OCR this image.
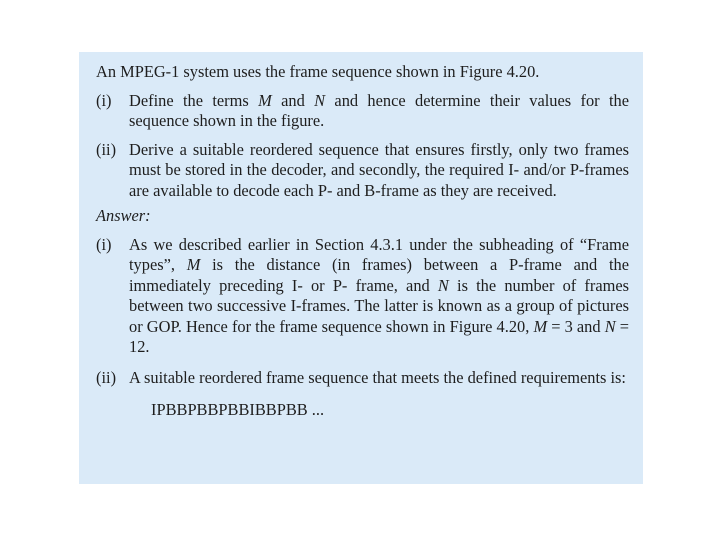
An MPEG-1 system uses the frame sequence shown in Figure 4.20.

(i) Define the terms M and N and hence determine their values for the sequence shown in the figure.
(ii) Derive a suitable reordered sequence that ensures firstly, only two frames must be stored in the decoder, and secondly, the required I- and/or P-frames are available to decode each P- and B-frame as they are received.

Answer:

(i) As we described earlier in Section 4.3.1 under the subheading of “Frame types”, M is the distance (in frames) between a P-frame and the immediately preceding I- or P- frame, and N is the number of frames between two successive I-frames. The latter is known as a group of pictures or GOP. Hence for the frame sequence shown in Figure 4.20, M = 3 and N = 12.
(ii) A suitable reordered frame sequence that meets the defined requirements is:

IPBBPBBPBBIBBPBB ...
